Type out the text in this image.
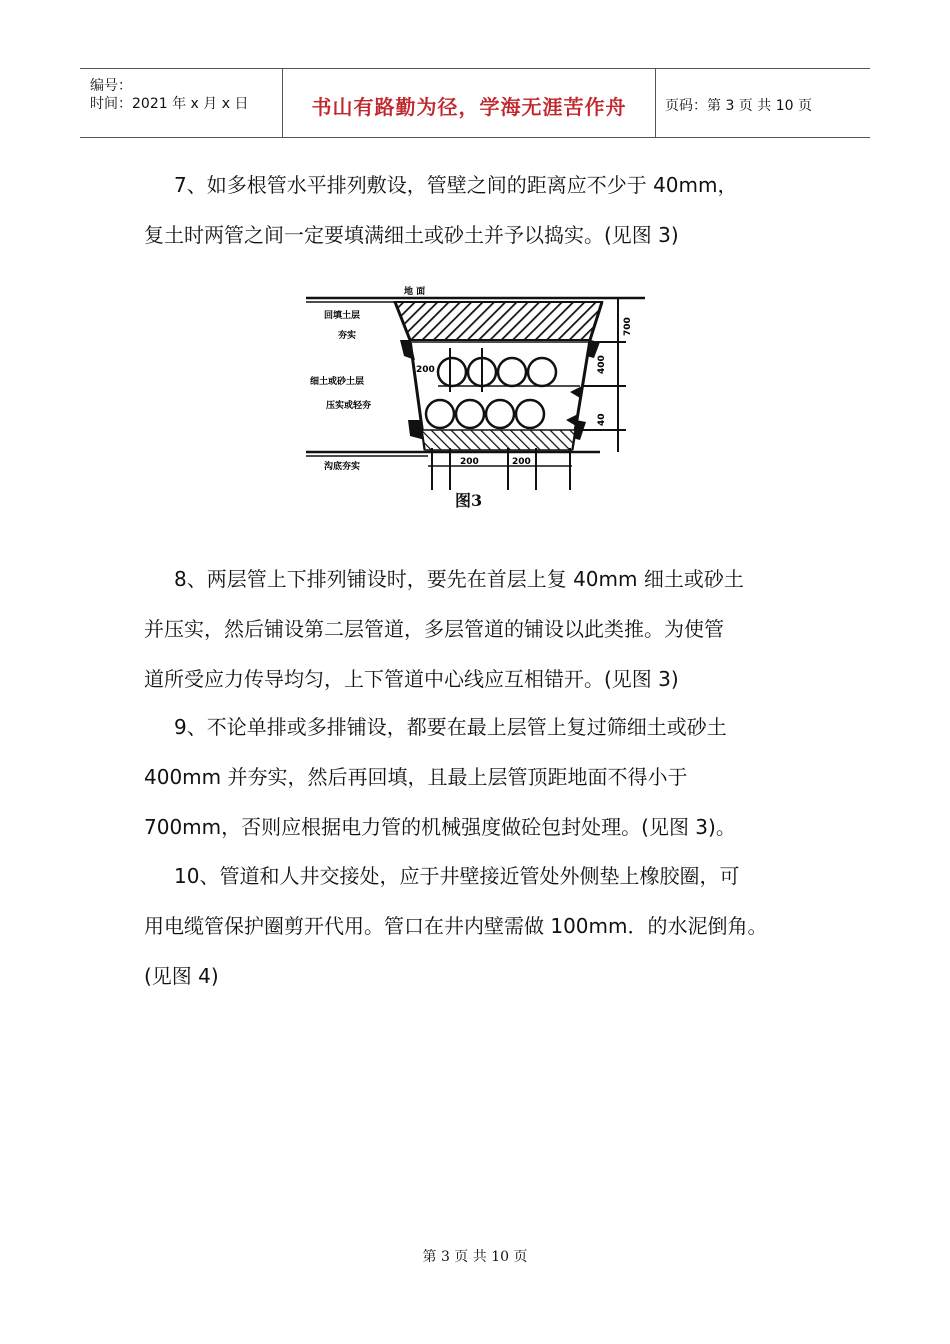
编号：
时间：2021 年 x 月 x 日	书山有路勤为径，学海无涯苦作舟	页码：第 3 页 共 10 页

7、如多根管水平排列敷设，管壁之间的距离应不少于 40mm，
复土时两管之间一定要填满细土或砂土并予以捣实。(见图 3)

地 面
回填土层
夯实
细土或砂土层
压实或轻夯
沟底夯实
200
200	200
700
400
40
图3

8、两层管上下排列铺设时，要先在首层上复 40mm 细土或砂土
并压实，然后铺设第二层管道，多层管道的铺设以此类推。为使管
道所受应力传导均匀，上下管道中心线应互相错开。(见图 3)

9、不论单排或多排铺设，都要在最上层管上复过筛细土或砂土
400mm 并夯实，然后再回填，且最上层管顶距地面不得小于
700mm，否则应根据电力管的机械强度做砼包封处理。(见图 3)。

10、管道和人井交接处，应于井壁接近管处外侧垫上橡胶圈，可
用电缆管保护圈剪开代用。管口在井内壁需做 100mm．的水泥倒角。
(见图 4)

第 3 页 共 10 页
